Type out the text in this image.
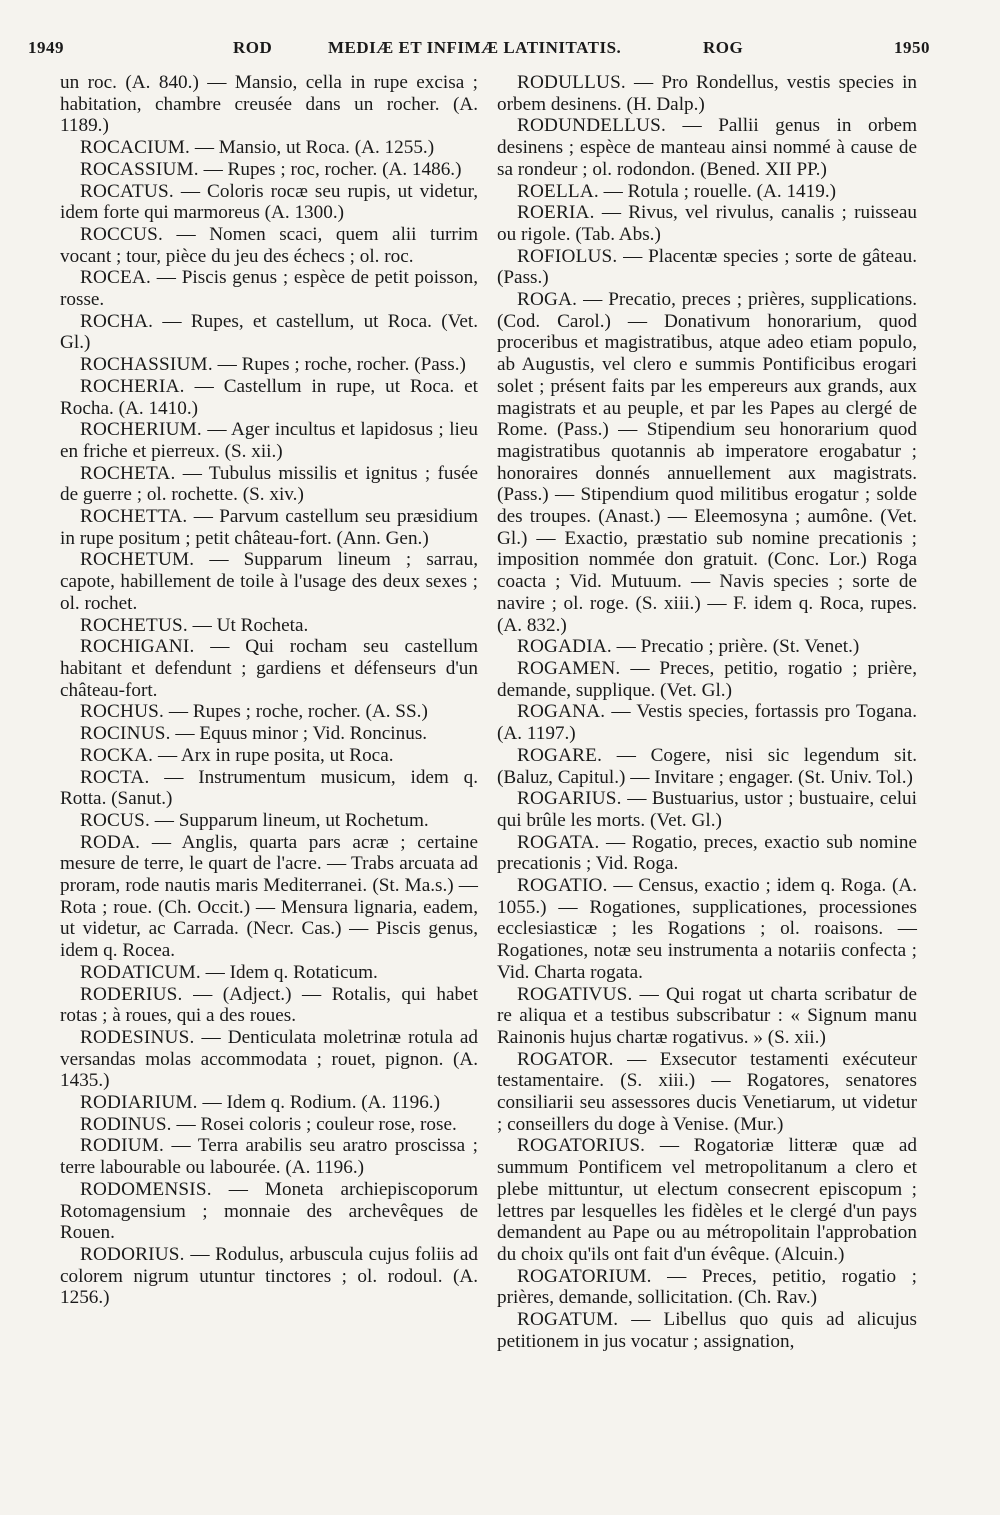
1949	ROD	MEDIÆ ET INFIMÆ LATINITATIS.	ROG	1950

un roc. (A. 840.) — Mansio, cella in rupe excisa ; habitation, chambre creusée dans un rocher. (A. 1189.)

ROCACIUM. — Mansio, ut Roca. (A. 1255.)

ROCASSIUM. — Rupes ; roc, rocher. (A. 1486.)

ROCATUS. — Coloris rocæ seu rupis, ut videtur, idem forte qui marmoreus (A. 1300.)

ROCCUS. — Nomen scaci, quem alii turrim vocant ; tour, pièce du jeu des échecs ; ol. roc.

ROCEA. — Piscis genus ; espèce de petit poisson, rosse.

ROCHA. — Rupes, et castellum, ut Roca. (Vet. Gl.)

ROCHASSIUM. — Rupes ; roche, rocher. (Pass.)

ROCHERIA. — Castellum in rupe, ut Roca. et Rocha. (A. 1410.)

ROCHERIUM. — Ager incultus et lapidosus ; lieu en friche et pierreux. (S. xii.)

ROCHETA. — Tubulus missilis et ignitus ; fusée de guerre ; ol. rochette. (S. xiv.)

ROCHETTA. — Parvum castellum seu præsidium in rupe positum ; petit château-fort. (Ann. Gen.)

ROCHETUM. — Supparum lineum ; sarrau, capote, habillement de toile à l'usage des deux sexes ; ol. rochet.

ROCHETUS. — Ut Rocheta.

ROCHIGANI. — Qui rocham seu castellum habitant et defendunt ; gardiens et défenseurs d'un château-fort.

ROCHUS. — Rupes ; roche, rocher. (A. SS.)

ROCINUS. — Equus minor ; Vid. Roncinus.

ROCKA. — Arx in rupe posita, ut Roca.

ROCTA. — Instrumentum musicum, idem q. Rotta. (Sanut.)

ROCUS. — Supparum lineum, ut Rochetum.

RODA. — Anglis, quarta pars acræ ; certaine mesure de terre, le quart de l'acre. — Trabs arcuata ad proram, rode nautis maris Mediterranei. (St. Ma.s.) — Rota ; roue. (Ch. Occit.) — Mensura lignaria, eadem, ut videtur, ac Carrada. (Necr. Cas.) — Piscis genus, idem q. Rocea.

RODATICUM. — Idem q. Rotaticum.

RODERIUS. — (Adject.) — Rotalis, qui habet rotas ; à roues, qui a des roues.

RODESINUS. — Denticulata moletrinæ rotula ad versandas molas accommodata ; rouet, pignon. (A. 1435.)

RODIARIUM. — Idem q. Rodium. (A. 1196.)

RODINUS. — Rosei coloris ; couleur rose, rose.

RODIUM. — Terra arabilis seu aratro proscissa ; terre labourable ou labourée. (A. 1196.)

RODOMENSIS. — Moneta archiepiscoporum Rotomagensium ; monnaie des archevêques de Rouen.

RODORIUS. — Rodulus, arbuscula cujus foliis ad colorem nigrum utuntur tinctores ; ol. rodoul. (A. 1256.)

RODULLUS. — Pro Rondellus, vestis species in orbem desinens. (H. Dalp.)

RODUNDELLUS. — Pallii genus in orbem desinens ; espèce de manteau ainsi nommé à cause de sa rondeur ; ol. rodondon. (Bened. XII PP.)

ROELLA. — Rotula ; rouelle. (A. 1419.)

ROERIA. — Rivus, vel rivulus, canalis ; ruisseau ou rigole. (Tab. Abs.)

ROFIOLUS. — Placentæ species ; sorte de gâteau. (Pass.)

ROGA. — Precatio, preces ; prières, supplications. (Cod. Carol.) — Donativum honorarium, quod proceribus et magistratibus, atque adeo etiam populo, ab Augustis, vel clero e summis Pontificibus erogari solet ; présent faits par les empereurs aux grands, aux magistrats et au peuple, et par les Papes au clergé de Rome. (Pass.) — Stipendium seu honorarium quod magistratibus quotannis ab imperatore erogabatur ; honoraires donnés annuellement aux magistrats. (Pass.) — Stipendium quod militibus erogatur ; solde des troupes. (Anast.) — Eleemosyna ; aumône. (Vet. Gl.) — Exactio, præstatio sub nomine precationis ; imposition nommée don gratuit. (Conc. Lor.) Roga coacta ; Vid. Mutuum. — Navis species ; sorte de navire ; ol. roge. (S. xiii.) — F. idem q. Roca, rupes. (A. 832.)

ROGADIA. — Precatio ; prière. (St. Venet.)

ROGAMEN. — Preces, petitio, rogatio ; prière, demande, supplique. (Vet. Gl.)

ROGANA. — Vestis species, fortassis pro Togana. (A. 1197.)

ROGARE. — Cogere, nisi sic legendum sit. (Baluz, Capitul.) — Invitare ; engager. (St. Univ. Tol.)

ROGARIUS. — Bustuarius, ustor ; bustuaire, celui qui brûle les morts. (Vet. Gl.)

ROGATA. — Rogatio, preces, exactio sub nomine precationis ; Vid. Roga.

ROGATIO. — Census, exactio ; idem q. Roga. (A. 1055.) — Rogationes, supplicationes, processiones ecclesiasticæ ; les Rogations ; ol. roaisons. — Rogationes, notæ seu instrumenta a notariis confecta ; Vid. Charta rogata.

ROGATIVUS. — Qui rogat ut charta scribatur de re aliqua et a testibus subscribatur : « Signum manu Rainonis hujus chartæ rogativus. » (S. xii.)

ROGATOR. — Exsecutor testamenti exécuteur testamentaire. (S. xiii.) — Rogatores, senatores consiliarii seu assessores ducis Venetiarum, ut videtur ; conseillers du doge à Venise. (Mur.)

ROGATORIUS. — Rogatoriæ litteræ quæ ad summum Pontificem vel metropolitanum a clero et plebe mittuntur, ut electum consecrent episcopum ; lettres par lesquelles les fidèles et le clergé d'un pays demandent au Pape ou au métropolitain l'approbation du choix qu'ils ont fait d'un évêque. (Alcuin.)

ROGATORIUM. — Preces, petitio, rogatio ; prières, demande, sollicitation. (Ch. Rav.)

ROGATUM. — Libellus quo quis ad alicujus petitionem in jus vocatur ; assignation,
